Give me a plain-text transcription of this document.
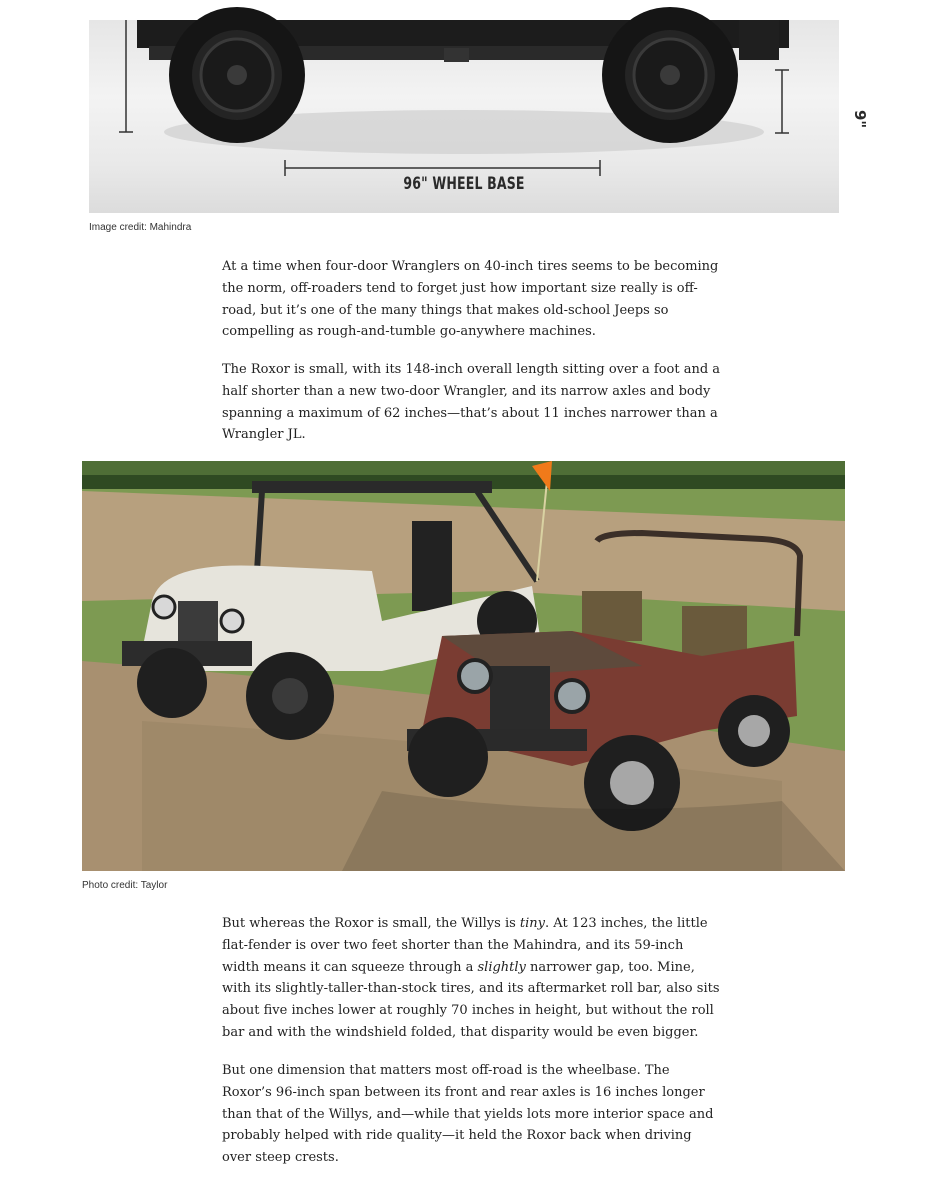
96" WHEEL BASE
9"
Image credit: Mahindra

At a time when four-door Wranglers on 40-inch tires seems to be becoming the norm, off-roaders tend to forget just how important size really is off-road, but it’s one of the many things that makes old-school Jeeps so compelling as rough-and-tumble go-anywhere machines.

The Roxor is small, with its 148-inch overall length sitting over a foot and a half shorter than a new two-door Wrangler, and its narrow axles and body spanning a maximum of 62 inches—that’s about 11 inches narrower than a Wrangler JL.

Photo credit: Taylor

But whereas the Roxor is small, the Willys is tiny. At 123 inches, the little flat-fender is over two feet shorter than the Mahindra, and its 59-inch width means it can squeeze through a slightly narrower gap, too. Mine, with its slightly-taller-than-stock tires, and its aftermarket roll bar, also sits about five inches lower at roughly 70 inches in height, but without the roll bar and with the windshield folded, that disparity would be even bigger.

But one dimension that matters most off-road is the wheelbase. The Roxor’s 96-inch span between its front and rear axles is 16 inches longer than that of the Willys, and—while that yields lots more interior space and probably helped with ride quality—it held the Roxor back when driving over steep crests.
